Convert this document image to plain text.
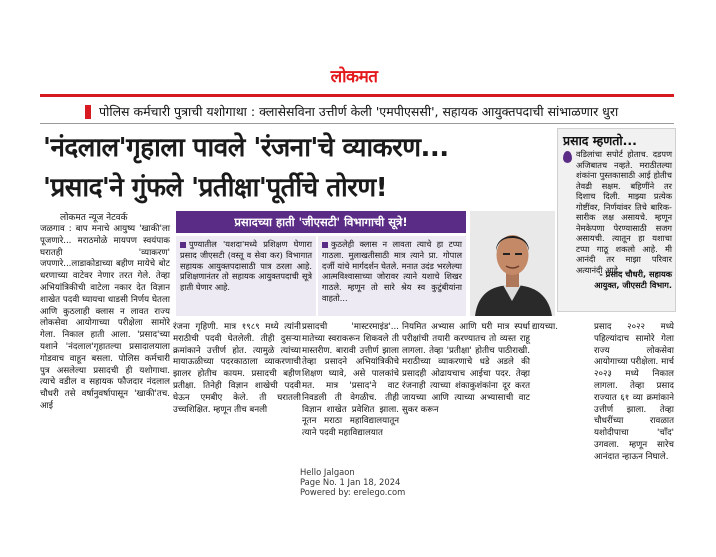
लोकमत
पोलिस कर्मचारी पुत्राची यशोगाथा : क्लासेसविना उत्तीर्ण केली 'एमपीएससी', सहायक आयुक्तपदाची सांभाळणार धुरा
'नंदलाल'गृहाला पावले 'रंजना'चे व्याकरण...
'प्रसाद'ने गुंफले 'प्रतीक्षा'पूर्तीचे तोरण!
प्रसाद म्हणतो...
वडिलांचा सपोर्ट होताच. दडपण अजिबातच नव्हते. मराठीतल्या शंकांना पुस्तकासाठी आई होतीच तेवढी सक्षम. बहिणींने तर दिशाच दिली. माझ्या प्रत्येक गोष्टींवर, निर्णयांवर तिचे बारिक-सारीक लक्ष असायचे. म्हणून नेमकेपणा पेरण्यासाठी सजग असायची. त्यातून हा यशाचा टप्पा गाठू शकलो आहे. मी आनंदी तर माझा परिवार अत्यानंदी आहे.
- प्रसाद चौधरी, सहायक आयुक्त, जीएसटी विभाग.
लोकमत न्यूज नेटवर्क
जळगाव : बाप मनाचे आयुष्य 'खाकी'ला पूजणारे... मराठमोळे मायपण स्वयंपाक घरातही 'व्याकरण' जपणारे...लाडाकोडाच्या बहीण मायेचे बोट धरणाच्या वाटेवर नेणार तरत गेले. तेव्हा अभियांत्रिकीची वाटेला नकार देत विज्ञान शाखेत पदवी घ्यायचा धाडसी निर्णय घेतला आणि कुठलाही क्लास न लावत राज्य लोकसेवा आयोगाच्या परीक्षेला सामोरे गेला. निकाल हाती आला. 'प्रसाद'च्या यशाने 'नंदलाल'गृहातल्या प्रसादालयाला गोडवाच वाहून बसला. पोलिस कर्मचारी पुत्र असलेल्या प्रसादची ही यशोगाथा. त्याचे वडील व सहायक फौजदार नंदलाल चौधरी तसे वर्षानुवर्षापासून 'खाकी'तच. आई
प्रसादच्या हाती 'जीएसटी' विभागाची सूत्रे!
पुण्यातील 'यशदा'मध्ये प्रशिक्षण घेणारा प्रसाद जीएसटी (वस्तू व सेवा कर) विभागात सहायक आयुक्तपदासाठी पात्र ठरला आहे. प्रशिक्षणानंतर तो सहायक आयुक्तपदाची सूत्रे हाती घेणार आहे.
कुठलेही क्लास न लावता त्याचे हा टप्पा गाठला. मुलाखतीसाठी मात्र त्याने प्रा. गोपाल दर्जी यांचे मार्गदर्शन घेतले. मनात उदंड भरलेल्या आत्मविश्वासाच्या जोरावर त्याने यशाचे शिखर गाठले. म्हणून तो सारे श्रेय स्व कुटुंबीयांना वाहतो...
रंजना गृहिणी. मात्र १९८९ मध्ये त्यांनी मराठीची पदवी घेतलेली. तीही दुसऱ्या क्रमांकाने उत्तीर्ण होत. त्यामुळे त्यांच्या मायाऊळीच्या पदरकाठाला व्याकरणाची झालर होतीच कायम. प्रसादची बहीण प्रतीक्षा. तिनेही विज्ञान शाखेची पदवी घेऊन एमबीए केले. ती घरातली उच्चशिक्षित. म्हणून तीच बनली
प्रसादची 'मास्टरमाइंड'... मातेच्या स्वराकरून शिकवले ती मास्तरीण. बारावी उत्तीर्ण झाला तेव्हा प्रसादने अभियांत्रिकीचे शिक्षण घ्यावे, असे पालकांचे मत. मात्र 'प्रसाद'ने वाट निवडली ती वेगळीच. तीही विज्ञान शाखेत प्रवेशित झाला. नूतन मराठा महाविद्यालयातून त्याने पदवी महाविद्यालयात
नियमित अभ्यास आणि घरी मात्र स्पर्धा परीक्षांची तयारी करण्यातच तो व्यस्त राहू लागला. तेव्हा 'प्रतीक्षा' होतीच पाठीराखी. मराठीच्या व्याकरणाचे धडे अडले की प्रसादही ओढायचाच आईचा पदर. तेव्हा रंजनाही त्याच्या शंकाकुशंकांना दूर करत जायच्या आणि त्याच्या अभ्यासाची वाट सुकर करून
द्यायच्या.	प्रसाद २०२२ मध्ये पहिल्यांदाच सामोरे गेला राज्य लोकसेवा आयोगाच्या परीक्षेला. मार्च २०२३ मध्ये निकाल लागला. तेव्हा प्रसाद राज्यात ६१ व्या क्रमांकाने उत्तीर्ण झाला. तेव्हा चौधरींच्या रावळात यशोदीपाचा 'चाँद' उगवला. म्हणून सारेच आनंदात न्हाऊन निघाले.
Hello Jalgaon
Page No. 1 Jan 18, 2024
Powered by: erelego.com
